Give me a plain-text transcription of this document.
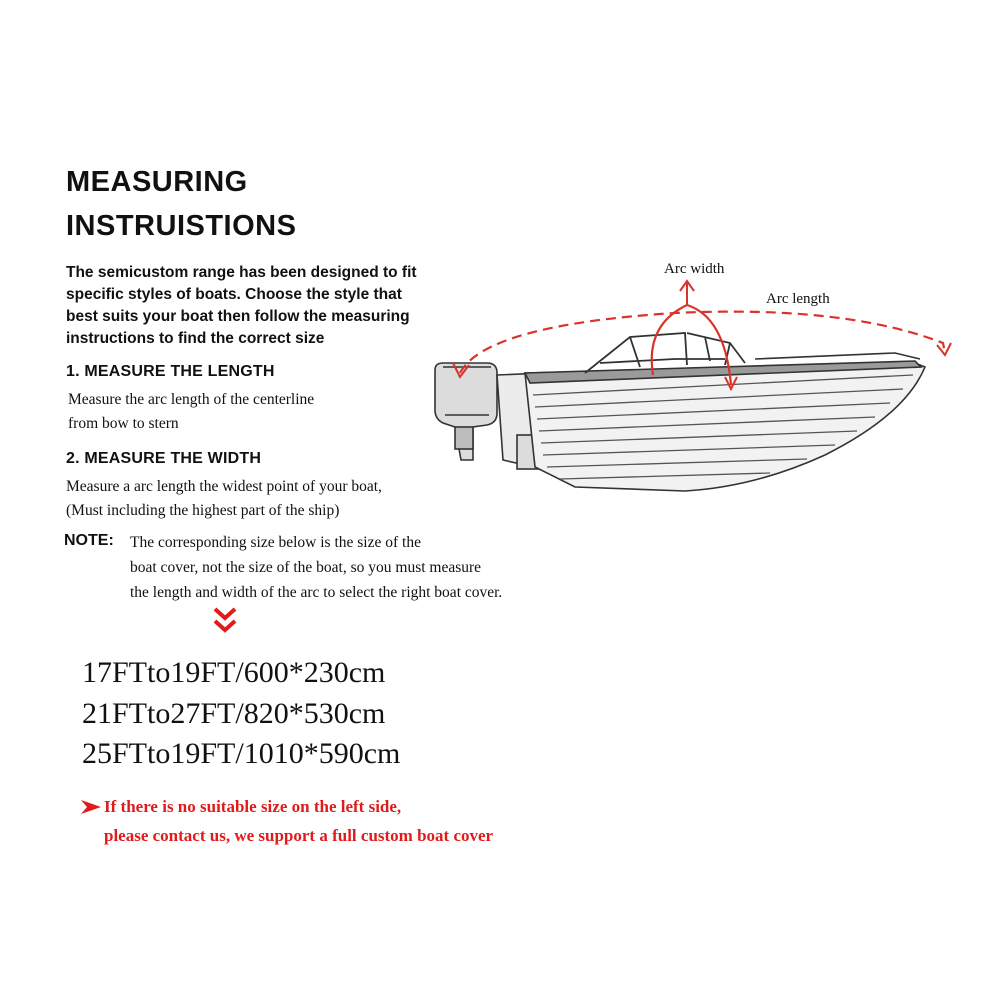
MEASURING
INSTRUISTIONS
The semicustom range has been designed to fit
specific styles of boats. Choose the style that
best suits your boat then follow the measuring
instructions to find the correct size
1. MEASURE THE LENGTH
Measure the arc length of the centerline
from bow to stern
2. MEASURE THE WIDTH
Measure a arc length the widest point of your boat,
(Must including the highest part of the ship)
NOTE: The corresponding size below is the size of the
boat cover, not the size of the boat, so you must measure
the length and width of the arc to select the right boat cover.
17FTto19FT/600*230cm
21FTto27FT/820*530cm
25FTto19FT/1010*590cm
If there is no suitable size on the left side,
please contact us, we support a full custom boat cover
Arc width
Arc length
